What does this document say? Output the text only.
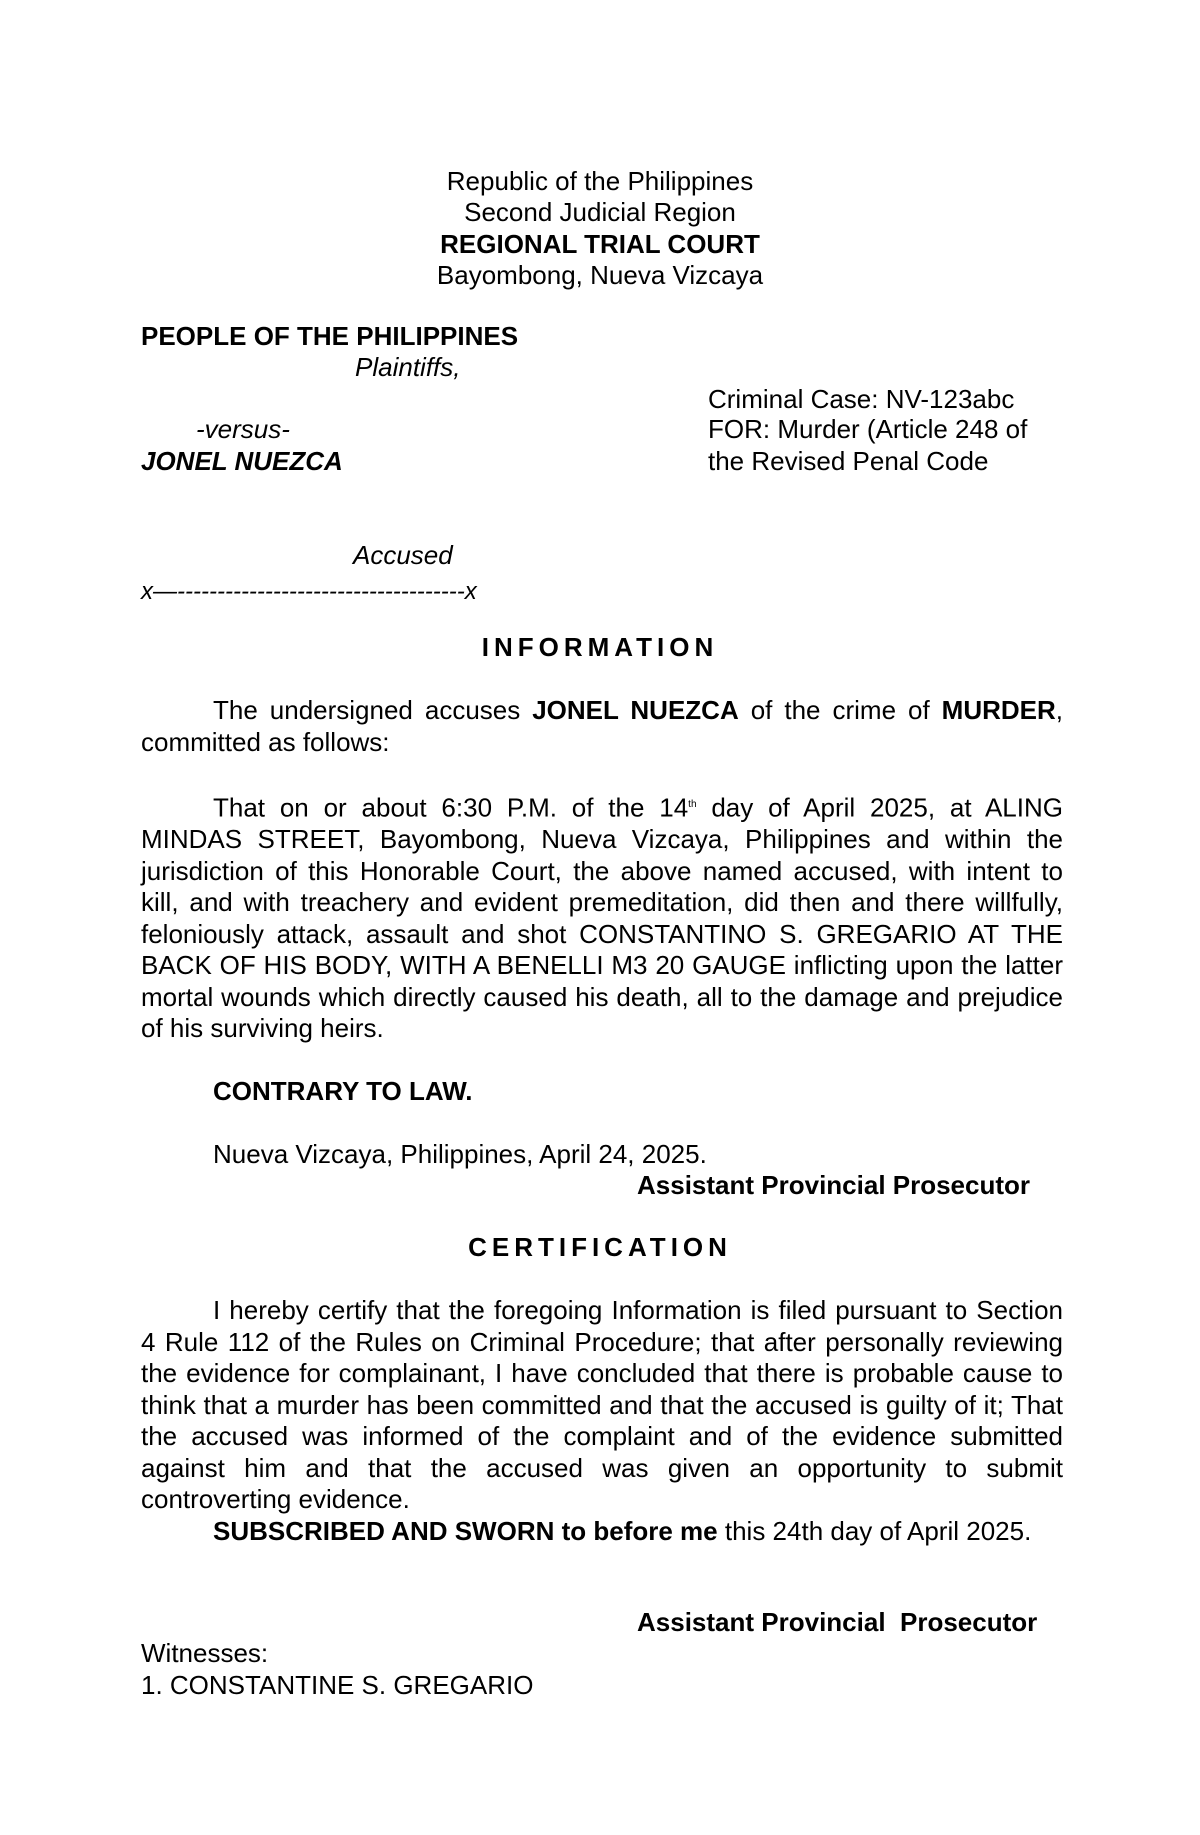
Republic of the Philippines
Second Judicial Region
REGIONAL TRIAL COURT
Bayombong, Nueva Vizcaya
PEOPLE OF THE PHILIPPINES
Plaintiffs,
-versus-
JONEL NUEZCA
Accused
x—------------------------------------x
Criminal Case: NV-123abc
FOR: Murder (Article 248 of
the Revised Penal Code
INFORMATION

The undersigned accuses JONEL NUEZCA of the crime of MURDER, committed as follows:

That on or about 6:30 P.M. of the 14th day of April 2025, at ALING MINDAS STREET, Bayombong, Nueva Vizcaya, Philippines and within the jurisdiction of this Honorable Court, the above named accused, with intent to kill, and with treachery and evident premeditation, did then and there willfully, feloniously attack, assault and shot CONSTANTINO S. GREGARIO AT THE BACK OF HIS BODY, WITH A BENELLI M3 20 GAUGE inflicting upon the latter mortal wounds which directly caused his death, all to the damage and prejudice of his surviving heirs.

CONTRARY TO LAW.
Nueva Vizcaya, Philippines, April 24, 2025.
Assistant Provincial Prosecutor
CERTIFICATION

I hereby certify that the foregoing Information is filed pursuant to Section 4 Rule 112 of the Rules on Criminal Procedure; that after personally reviewing the evidence for complainant, I have concluded that there is probable cause to think that a murder has been committed and that the accused is guilty of it; That the accused was informed of the complaint and of the evidence submitted against him and that the accused was given an opportunity to submit controverting evidence.

SUBSCRIBED AND SWORN to before me this 24th day of April 2025.

Assistant Provincial  Prosecutor
Witnesses:
1. CONSTANTINE S. GREGARIO
